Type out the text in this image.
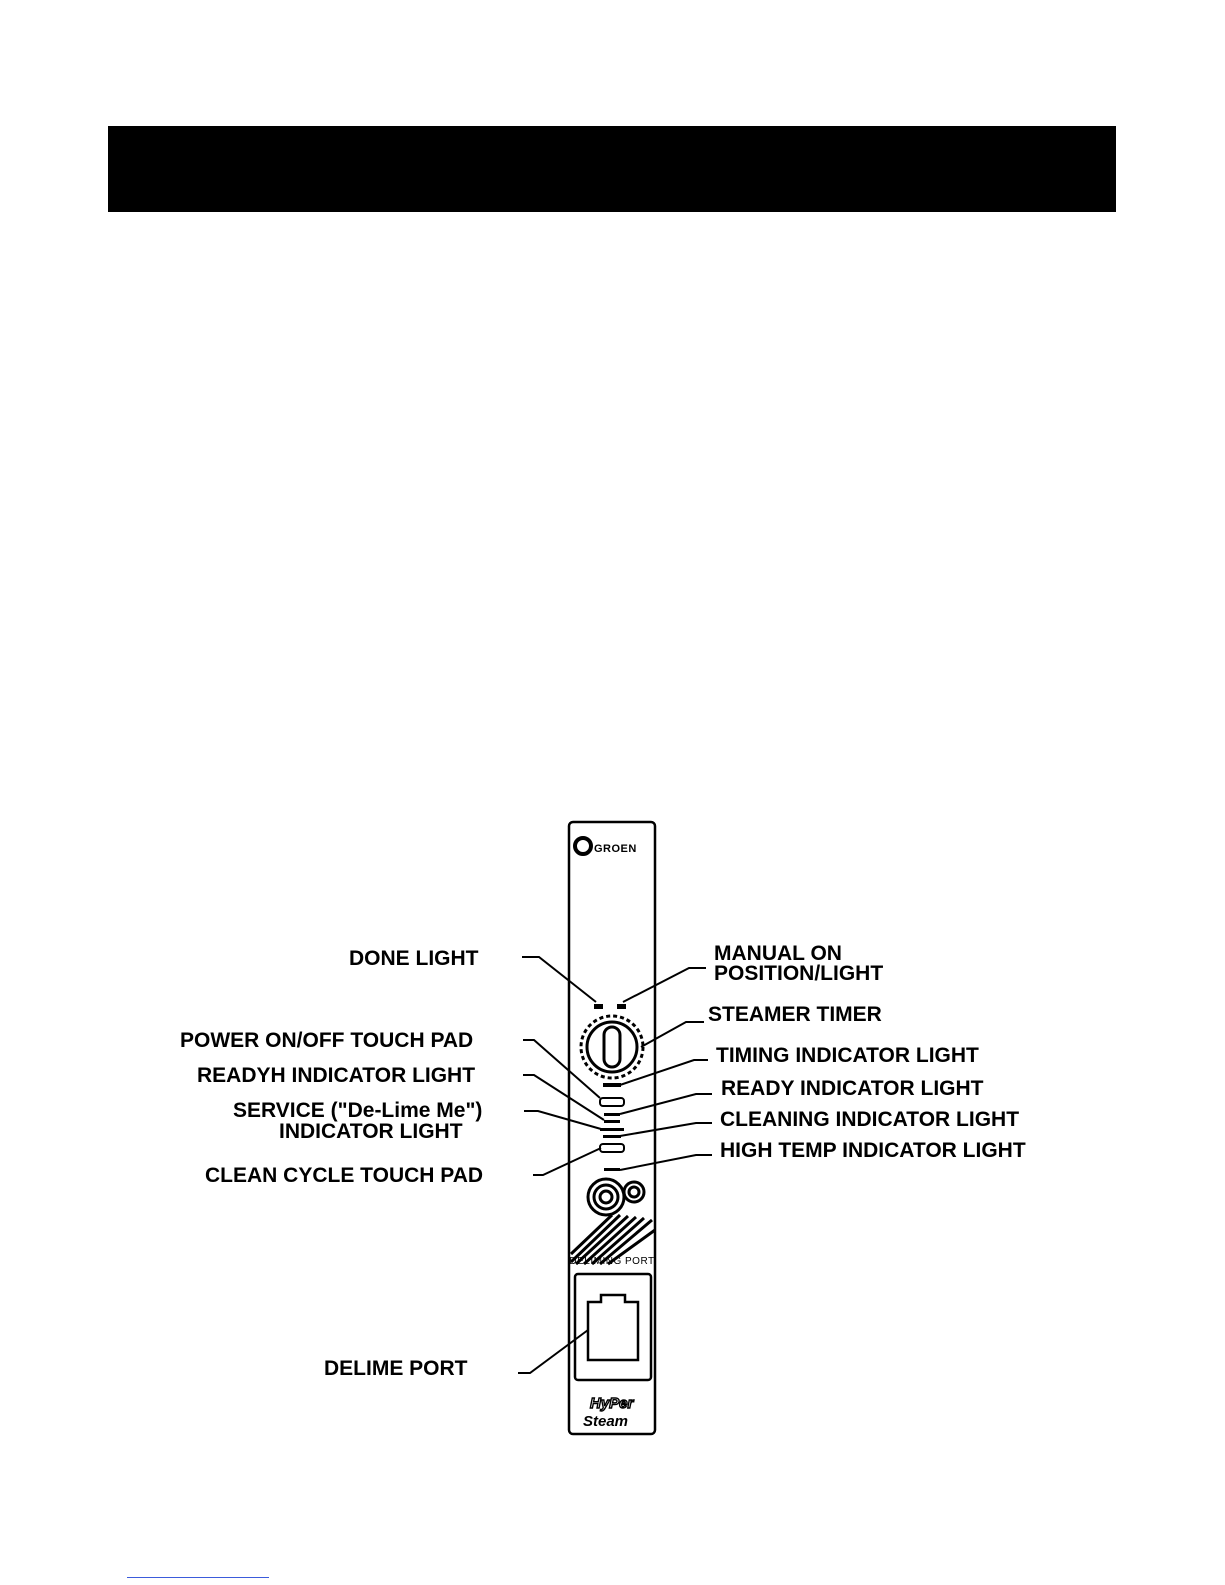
GROEN
DELIMING PORT
HyPer
Steam
DONE LIGHT
POWER ON/OFF TOUCH PAD
READYH INDICATOR LIGHT
SERVICE ("De-Lime Me")
INDICATOR LIGHT
CLEAN CYCLE TOUCH PAD
DELIME PORT
MANUAL ON
POSITION/LIGHT
STEAMER TIMER
TIMING INDICATOR LIGHT
READY INDICATOR LIGHT
CLEANING INDICATOR LIGHT
HIGH TEMP INDICATOR LIGHT
